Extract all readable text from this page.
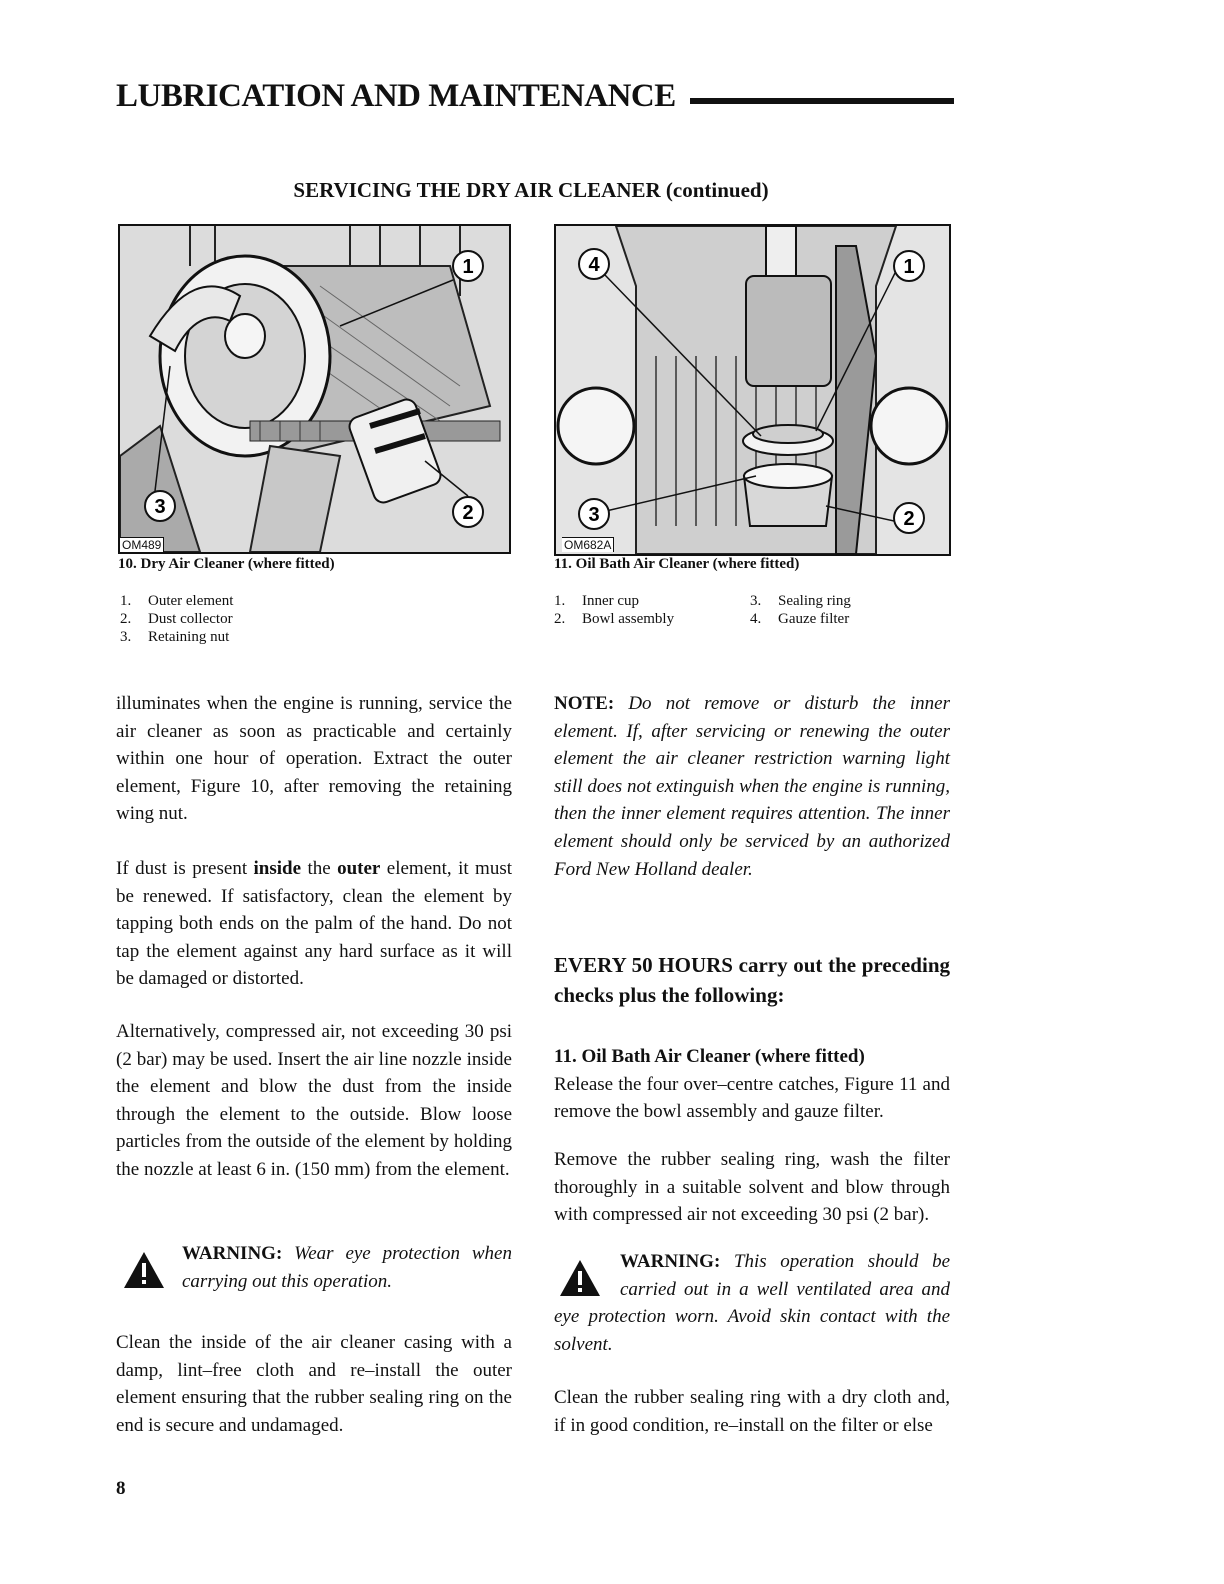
LUBRICATION AND MAINTENANCE
SERVICING THE DRY AIR CLEANER (continued)
1
2
3
OM489
10. Dry Air Cleaner (where fitted)
1. Outer element
2. Dust collector
3. Retaining nut
4	1
3	2
OM682A
11. Oil Bath Air Cleaner (where fitted)
1. Inner cup
2. Bowl assembly
3. Sealing ring
4. Gauze filter

illuminates when the engine is running, service the air cleaner as soon as practicable and certainly within one hour of operation. Extract the outer element, Figure 10, after removing the retaining wing nut.

If dust is present inside the outer element, it must be renewed. If satisfactory, clean the element by tapping both ends on the palm of the hand. Do not tap the element against any hard surface as it will be damaged or distorted.

Alternatively, compressed air, not exceeding 30 psi (2 bar) may be used. Insert the air line nozzle inside the element and blow the dust from the inside through the element to the outside. Blow loose particles from the outside of the element by holding the nozzle at least 6 in. (150 mm) from the element.

WARNING: Wear eye protection when carrying out this operation.

Clean the inside of the air cleaner casing with a damp, lint–free cloth and re–install the outer element ensuring that the rubber sealing ring on the end is secure and undamaged.

NOTE: Do not remove or disturb the inner element. If, after servicing or renewing the outer element the air cleaner restriction warning light still does not extinguish when the engine is running, then the inner element requires attention. The inner element should only be serviced by an authorized Ford New Holland dealer.

EVERY 50 HOURS carry out the preceding checks plus the following:

11. Oil Bath Air Cleaner (where fitted)

Release the four over–centre catches, Figure 11 and remove the bowl assembly and gauze filter.

Remove the rubber sealing ring, wash the filter thoroughly in a suitable solvent and blow through with compressed air not exceeding 30 psi (2 bar).

WARNING: This operation should be carried out in a well ventilated area and eye protection worn. Avoid skin contact with the solvent.

Clean the rubber sealing ring with a dry cloth and, if in good condition, re–install on the filter or else

8
